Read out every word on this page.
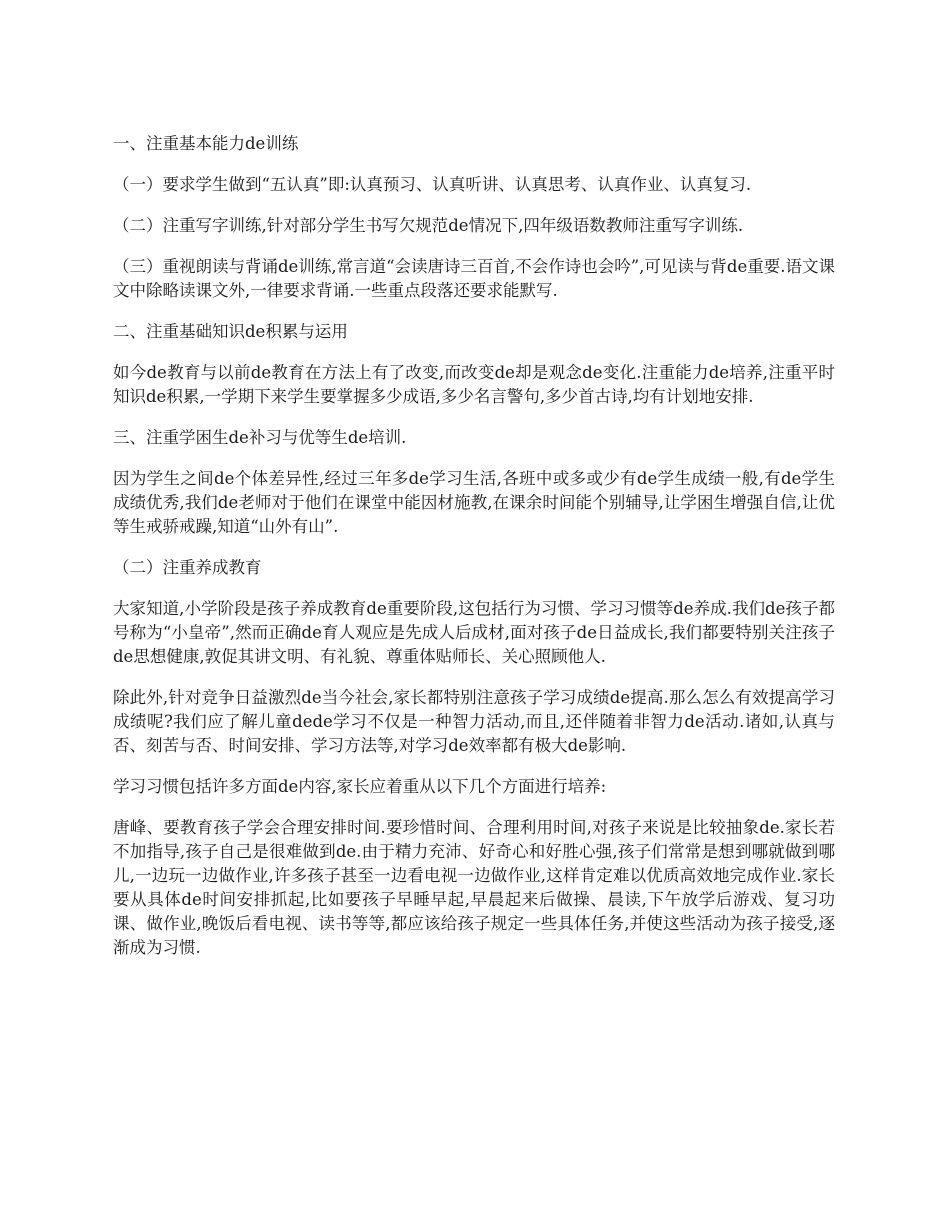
一、注重基本能力de训练

（一）要求学生做到“五认真”即:认真预习、认真听讲、认真思考、认真作业、认真复习.

（二）注重写字训练,针对部分学生书写欠规范de情况下,四年级语数教师注重写字训练.

（三）重视朗读与背诵de训练,常言道“会读唐诗三百首,不会作诗也会吟”,可见读与背de重要.语文课文中除略读课文外,一律要求背诵.一些重点段落还要求能默写.

二、注重基础知识de积累与运用

如今de教育与以前de教育在方法上有了改变,而改变de却是观念de变化.注重能力de培养,注重平时知识de积累,一学期下来学生要掌握多少成语,多少名言警句,多少首古诗,均有计划地安排.

三、注重学困生de补习与优等生de培训.

因为学生之间de个体差异性,经过三年多de学习生活,各班中或多或少有de学生成绩一般,有de学生成绩优秀,我们de老师对于他们在课堂中能因材施教,在课余时间能个别辅导,让学困生增强自信,让优等生戒骄戒躁,知道“山外有山”.

（二）注重养成教育

大家知道,小学阶段是孩子养成教育de重要阶段,这包括行为习惯、学习习惯等de养成.我们de孩子都号称为“小皇帝”,然而正确de育人观应是先成人后成材,面对孩子de日益成长,我们都要特别关注孩子de思想健康,敦促其讲文明、有礼貌、尊重体贴师长、关心照顾他人.

除此外,针对竞争日益激烈de当今社会,家长都特别注意孩子学习成绩de提高.那么怎么有效提高学习成绩呢?我们应了解儿童dede学习不仅是一种智力活动,而且,还伴随着非智力de活动.诸如,认真与否、刻苦与否、时间安排、学习方法等,对学习de效率都有极大de影响.

学习习惯包括许多方面de内容,家长应着重从以下几个方面进行培养:

唐峰、要教育孩子学会合理安排时间.要珍惜时间、合理利用时间,对孩子来说是比较抽象de.家长若不加指导,孩子自己是很难做到de.由于精力充沛、好奇心和好胜心强,孩子们常常是想到哪就做到哪儿,一边玩一边做作业,许多孩子甚至一边看电视一边做作业,这样肯定难以优质高效地完成作业.家长要从具体de时间安排抓起,比如要孩子早睡早起,早晨起来后做操、晨读,下午放学后游戏、复习功课、做作业,晚饭后看电视、读书等等,都应该给孩子规定一些具体任务,并使这些活动为孩子接受,逐渐成为习惯.
